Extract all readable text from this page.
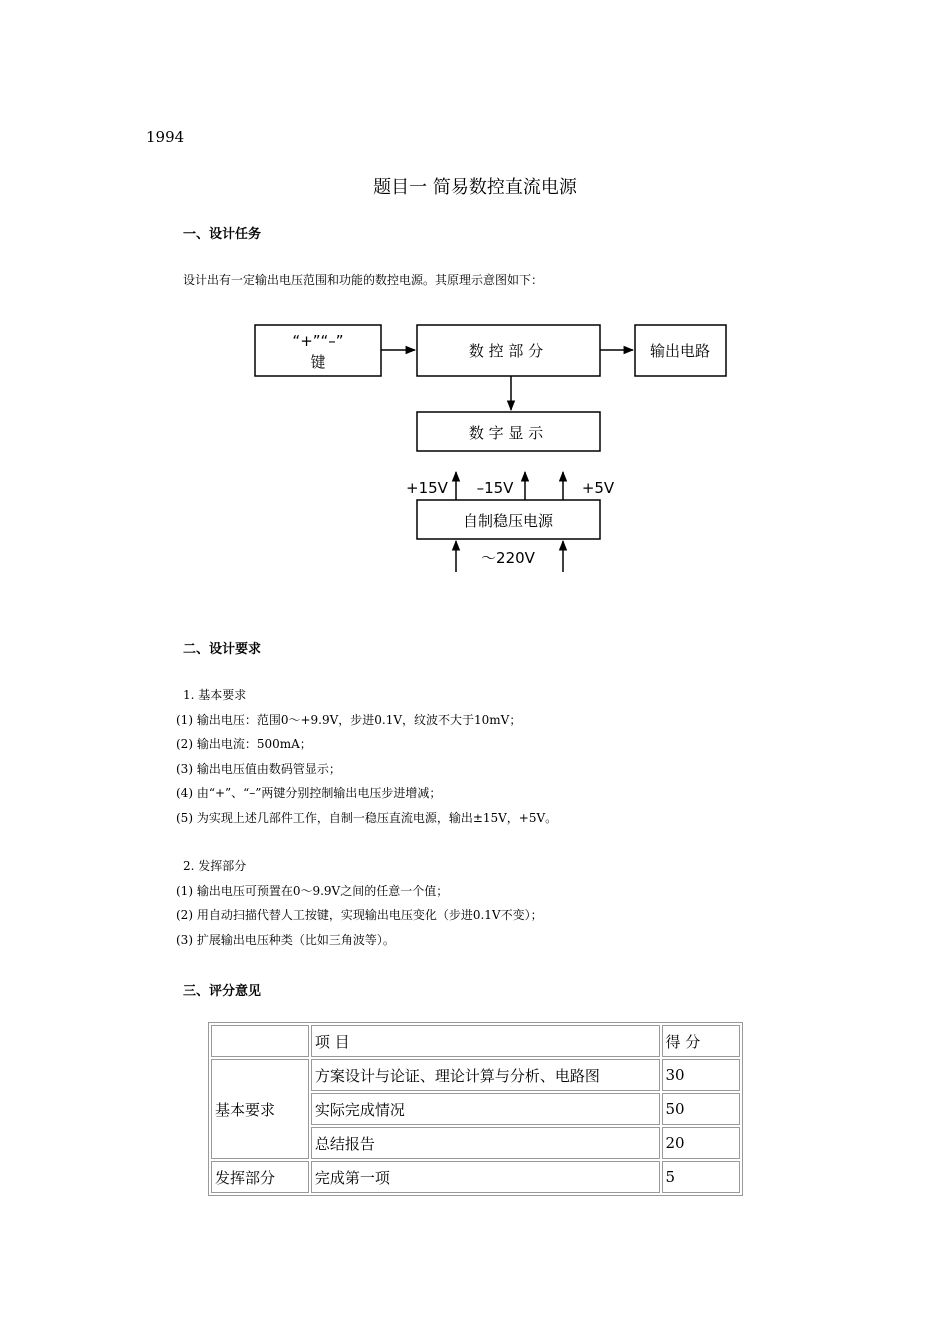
1994
题目一 简易数控直流电源
一、设计任务
设计出有一定输出电压范围和功能的数控电源。其原理示意图如下：
“+”“–”
键
数 控 部 分	输出电路
数 字 显 示
+15V –15V	+5V
自制稳压电源
～220V
二、设计要求
1. 基本要求
(1) 输出电压：范围0～+9.9V，步进0.1V，纹波不大于10mV；
(2) 输出电流：500mA；
(3) 输出电压值由数码管显示；
(4) 由“+”、“–”两键分别控制输出电压步进增减；
(5) 为实现上述几部件工作，自制一稳压直流电源，输出±15V，+5V。
2. 发挥部分
(1) 输出电压可预置在0～9.9V之间的任意一个值；
(2) 用自动扫描代替人工按键，实现输出电压变化（步进0.1V不变）；
(3) 扩展输出电压种类（比如三角波等）。
三、评分意见
	项 目	得 分
基本要求	方案设计与论证、理论计算与分析、电路图	30
	实际完成情况	50
	总结报告	20
发挥部分	完成第一项	5
